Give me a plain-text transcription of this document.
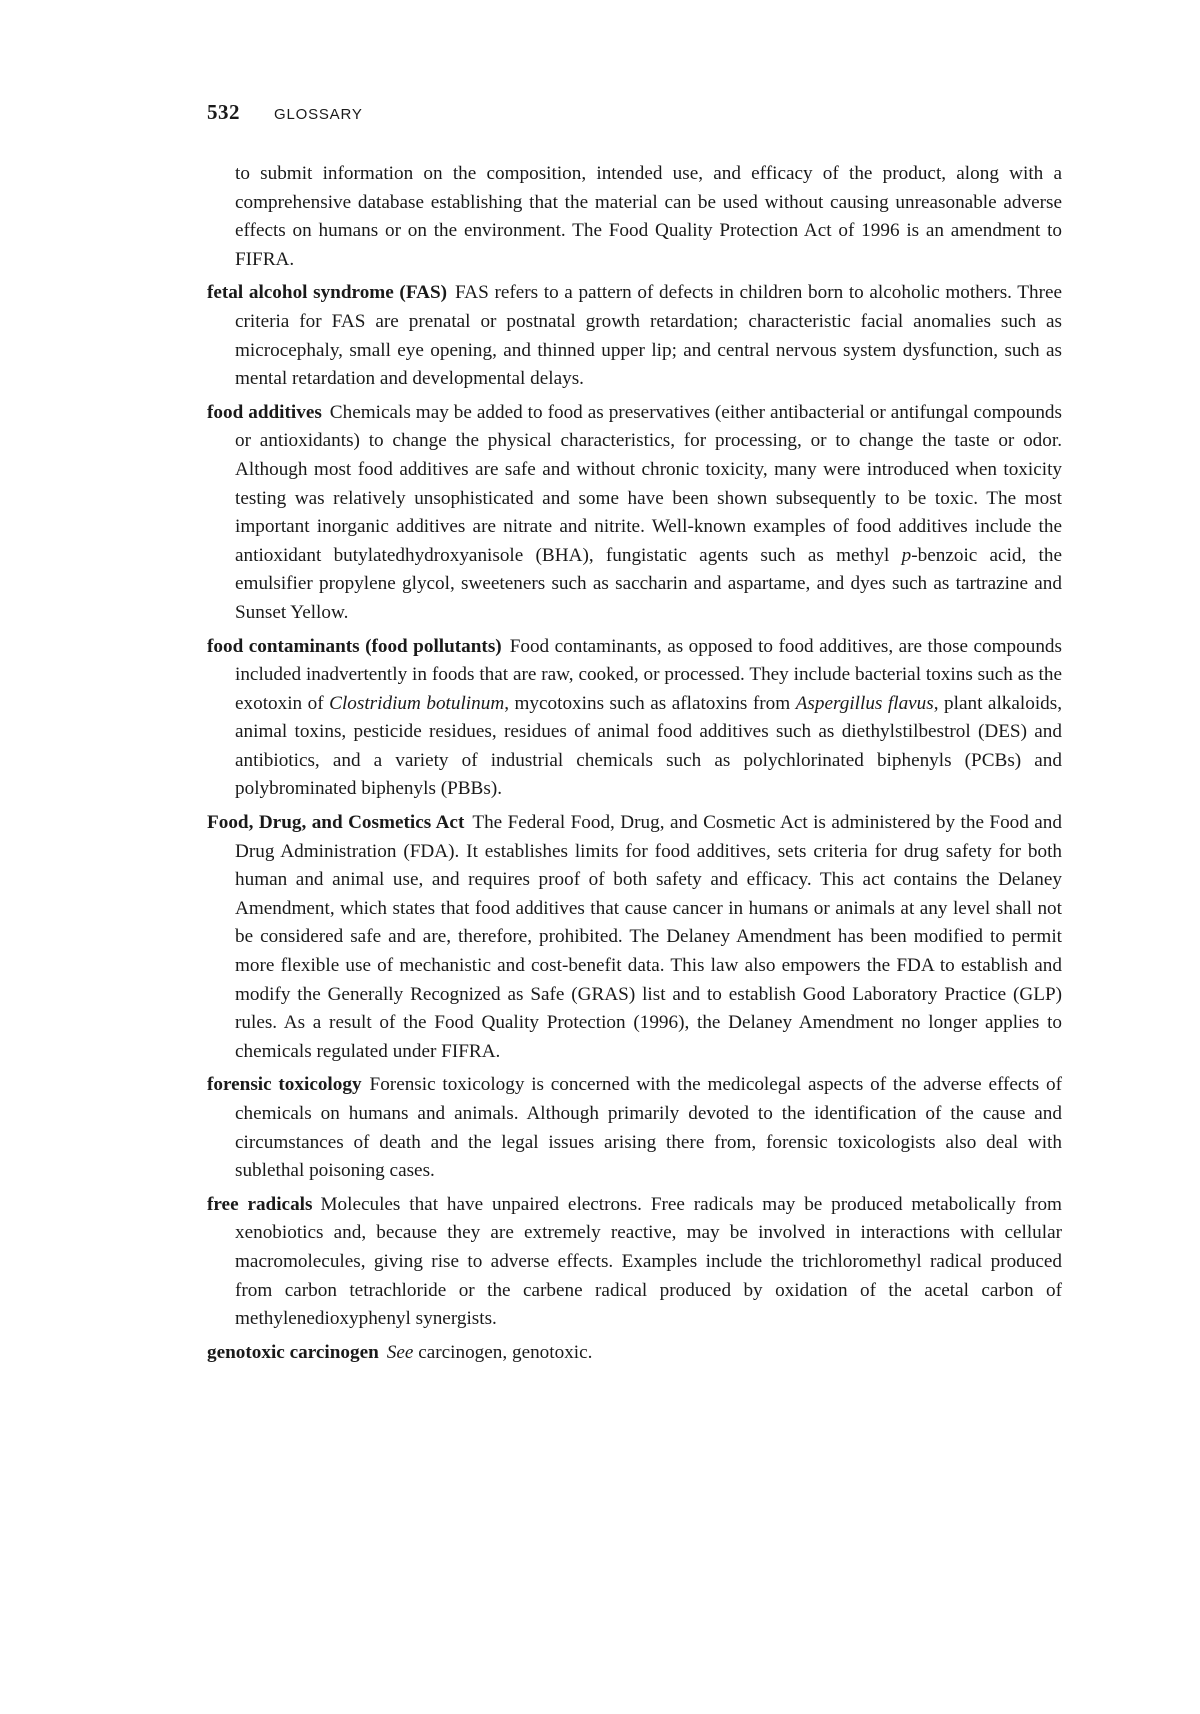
532 GLOSSARY

to submit information on the composition, intended use, and efficacy of the product, along with a comprehensive database establishing that the material can be used without causing unreasonable adverse effects on humans or on the environment. The Food Quality Protection Act of 1996 is an amendment to FIFRA.

fetal alcohol syndrome (FAS) FAS refers to a pattern of defects in children born to alcoholic mothers. Three criteria for FAS are prenatal or postnatal growth retardation; characteristic facial anomalies such as microcephaly, small eye opening, and thinned upper lip; and central nervous system dysfunction, such as mental retardation and developmental delays.

food additives Chemicals may be added to food as preservatives (either antibacterial or antifungal compounds or antioxidants) to change the physical characteristics, for processing, or to change the taste or odor. Although most food additives are safe and without chronic toxicity, many were introduced when toxicity testing was relatively unsophisticated and some have been shown subsequently to be toxic. The most important inorganic additives are nitrate and nitrite. Well-known examples of food additives include the antioxidant butylatedhydroxyanisole (BHA), fungistatic agents such as methyl p-benzoic acid, the emulsifier propylene glycol, sweeteners such as saccharin and aspartame, and dyes such as tartrazine and Sunset Yellow.

food contaminants (food pollutants) Food contaminants, as opposed to food additives, are those compounds included inadvertently in foods that are raw, cooked, or processed. They include bacterial toxins such as the exotoxin of Clostridium botulinum, mycotoxins such as aflatoxins from Aspergillus flavus, plant alkaloids, animal toxins, pesticide residues, residues of animal food additives such as diethylstilbestrol (DES) and antibiotics, and a variety of industrial chemicals such as polychlorinated biphenyls (PCBs) and polybrominated biphenyls (PBBs).

Food, Drug, and Cosmetics Act The Federal Food, Drug, and Cosmetic Act is administered by the Food and Drug Administration (FDA). It establishes limits for food additives, sets criteria for drug safety for both human and animal use, and requires proof of both safety and efficacy. This act contains the Delaney Amendment, which states that food additives that cause cancer in humans or animals at any level shall not be considered safe and are, therefore, prohibited. The Delaney Amendment has been modified to permit more flexible use of mechanistic and cost-benefit data. This law also empowers the FDA to establish and modify the Generally Recognized as Safe (GRAS) list and to establish Good Laboratory Practice (GLP) rules. As a result of the Food Quality Protection (1996), the Delaney Amendment no longer applies to chemicals regulated under FIFRA.

forensic toxicology Forensic toxicology is concerned with the medicolegal aspects of the adverse effects of chemicals on humans and animals. Although primarily devoted to the identification of the cause and circumstances of death and the legal issues arising there from, forensic toxicologists also deal with sublethal poisoning cases.

free radicals Molecules that have unpaired electrons. Free radicals may be produced metabolically from xenobiotics and, because they are extremely reactive, may be involved in interactions with cellular macromolecules, giving rise to adverse effects. Examples include the trichloromethyl radical produced from carbon tetrachloride or the carbene radical produced by oxidation of the acetal carbon of methylenedioxyphenyl synergists.

genotoxic carcinogen See carcinogen, genotoxic.
